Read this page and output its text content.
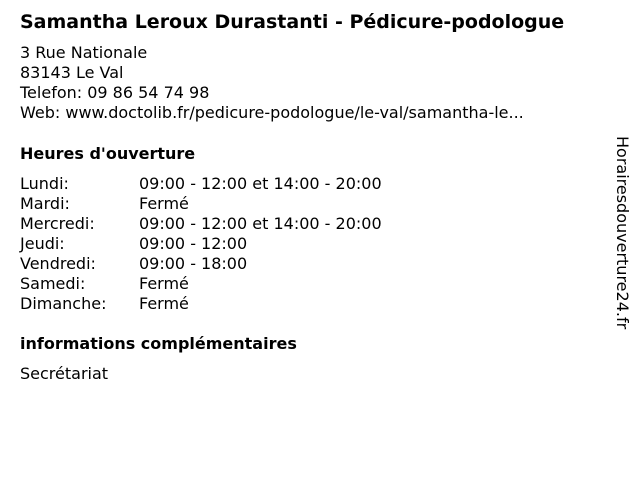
Samantha Leroux Durastanti - Pédicure-podologue
3 Rue Nationale
83143 Le Val
Telefon: 09 86 54 74 98
Web: www.doctolib.fr/pedicure-podologue/le-val/samantha-le...
Heures d'ouverture
Lundi:	09:00 - 12:00 et 14:00 - 20:00
Mardi:	Fermé
Mercredi:	09:00 - 12:00 et 14:00 - 20:00
Jeudi:	09:00 - 12:00
Vendredi:	09:00 - 18:00
Samedi:	Fermé
Dimanche:	Fermé
informations complémentaires
Secrétariat
Horairesdouverture24.fr
